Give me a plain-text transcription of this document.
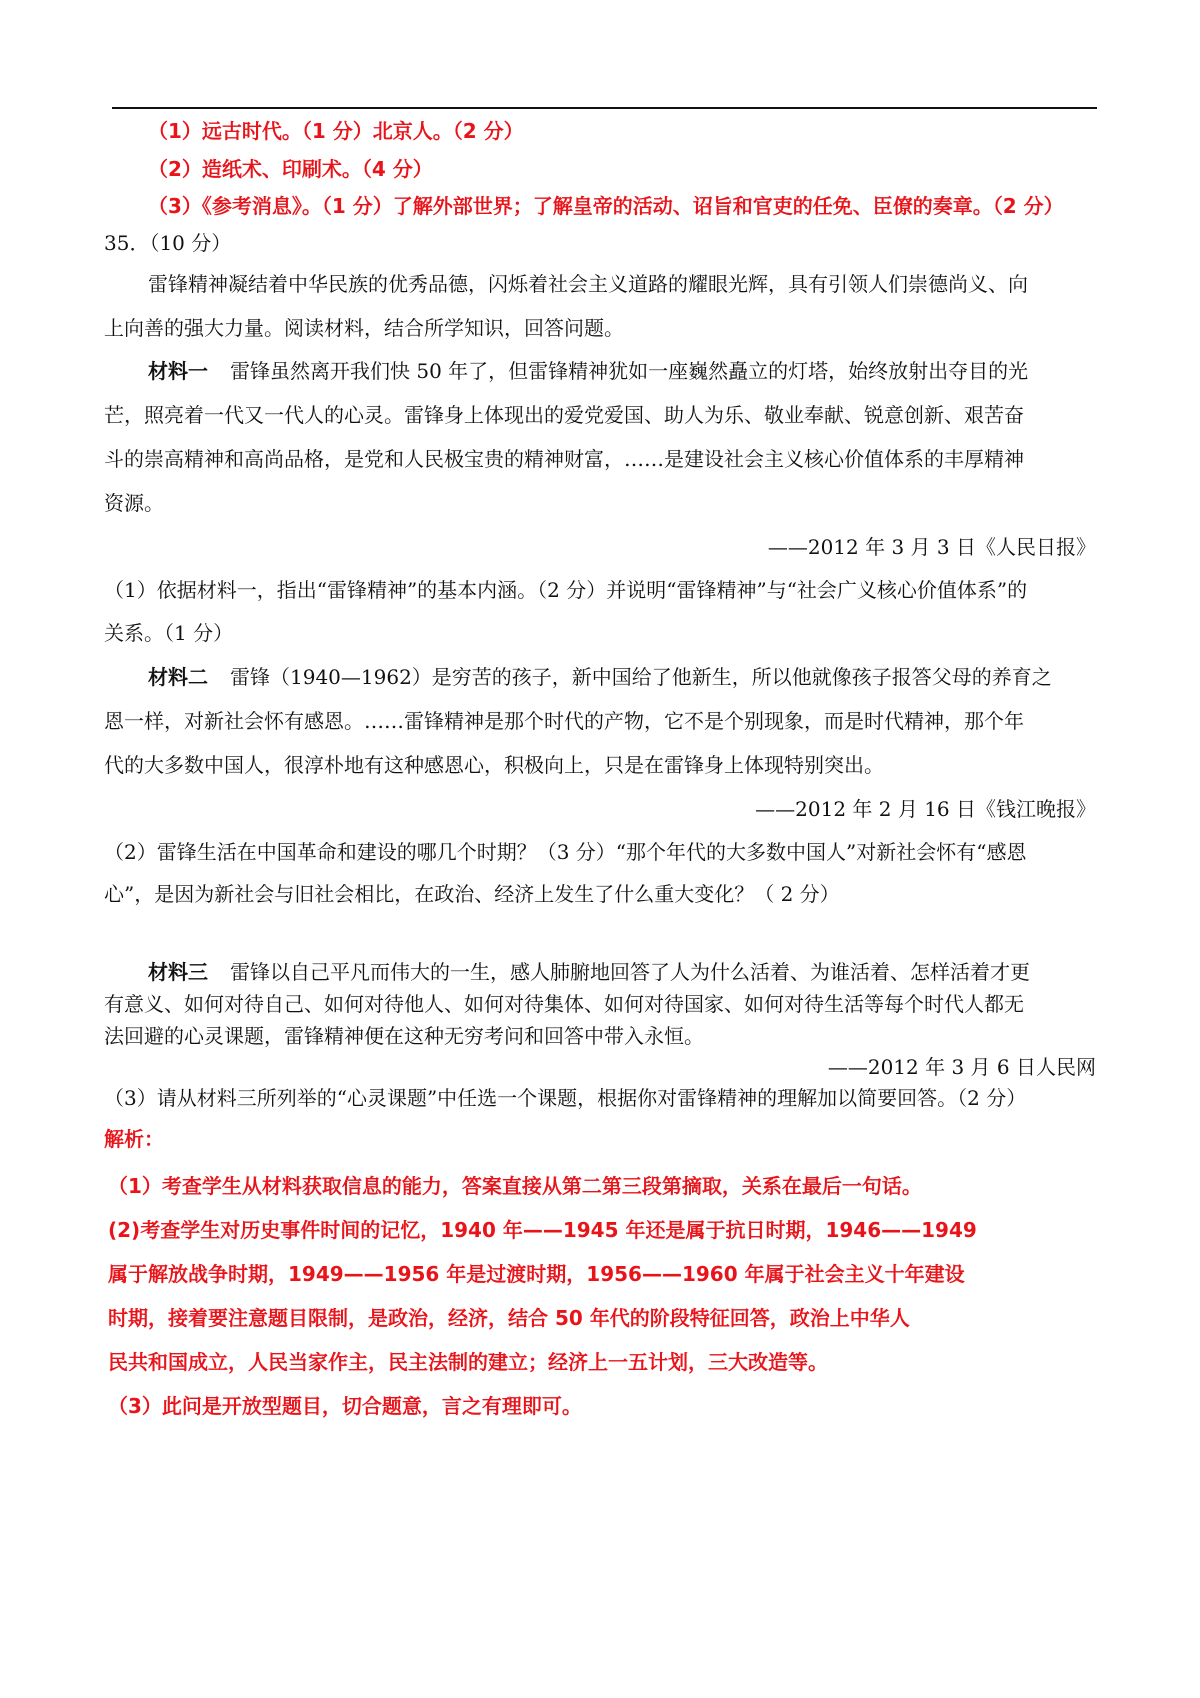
（1）远古时代。（1 分）北京人。（2 分）
（2）造纸术、印刷术。（4 分）
（3）《参考消息》。（1 分）了解外部世界；了解皇帝的活动、诏旨和官吏的任免、臣僚的奏章。（2 分）
35．（10 分）
雷锋精神凝结着中华民族的优秀品德，闪烁着社会主义道路的耀眼光辉，具有引领人们崇德尚义、向
上向善的强大力量。阅读材料，结合所学知识，回答问题。
材料一 雷锋虽然离开我们快 50 年了，但雷锋精神犹如一座巍然矗立的灯塔，始终放射出夺目的光
芒，照亮着一代又一代人的心灵。雷锋身上体现出的爱党爱国、助人为乐、敬业奉献、锐意创新、艰苦奋
斗的崇高精神和高尚品格，是党和人民极宝贵的精神财富，……是建设社会主义核心价值体系的丰厚精神
资源。
——2012 年 3 月 3 日《人民日报》
（1）依据材料一，指出“雷锋精神”的基本内涵。（2 分）并说明“雷锋精神”与“社会广义核心价值体系”的
关系。（1 分）
材料二 雷锋（1940—1962）是穷苦的孩子，新中国给了他新生，所以他就像孩子报答父母的养育之
恩一样，对新社会怀有感恩。……雷锋精神是那个时代的产物，它不是个别现象，而是时代精神，那个年
代的大多数中国人，很淳朴地有这种感恩心，积极向上，只是在雷锋身上体现特别突出。
——2012 年 2 月 16 日《钱江晚报》
（2）雷锋生活在中国革命和建设的哪几个时期？（3 分）“那个年代的大多数中国人”对新社会怀有“感恩
心”，是因为新社会与旧社会相比，在政治、经济上发生了什么重大变化？（ 2 分）
材料三 雷锋以自己平凡而伟大的一生，感人肺腑地回答了人为什么活着、为谁活着、怎样活着才更
有意义、如何对待自己、如何对待他人、如何对待集体、如何对待国家、如何对待生活等每个时代人都无
法回避的心灵课题，雷锋精神便在这种无穷考问和回答中带入永恒。
——2012 年 3 月 6 日人民网
（3）请从材料三所列举的“心灵课题”中任选一个课题，根据你对雷锋精神的理解加以简要回答。（2 分）
解析：
（1）考查学生从材料获取信息的能力，答案直接从第二第三段第摘取，关系在最后一句话。
(2)考查学生对历史事件时间的记忆，1940 年——1945 年还是属于抗日时期，1946——1949
属于解放战争时期，1949——1956 年是过渡时期，1956——1960 年属于社会主义十年建设
时期，接着要注意题目限制，是政治，经济，结合 50 年代的阶段特征回答，政治上中华人
民共和国成立，人民当家作主，民主法制的建立；经济上一五计划，三大改造等。
（3）此问是开放型题目，切合题意，言之有理即可。
